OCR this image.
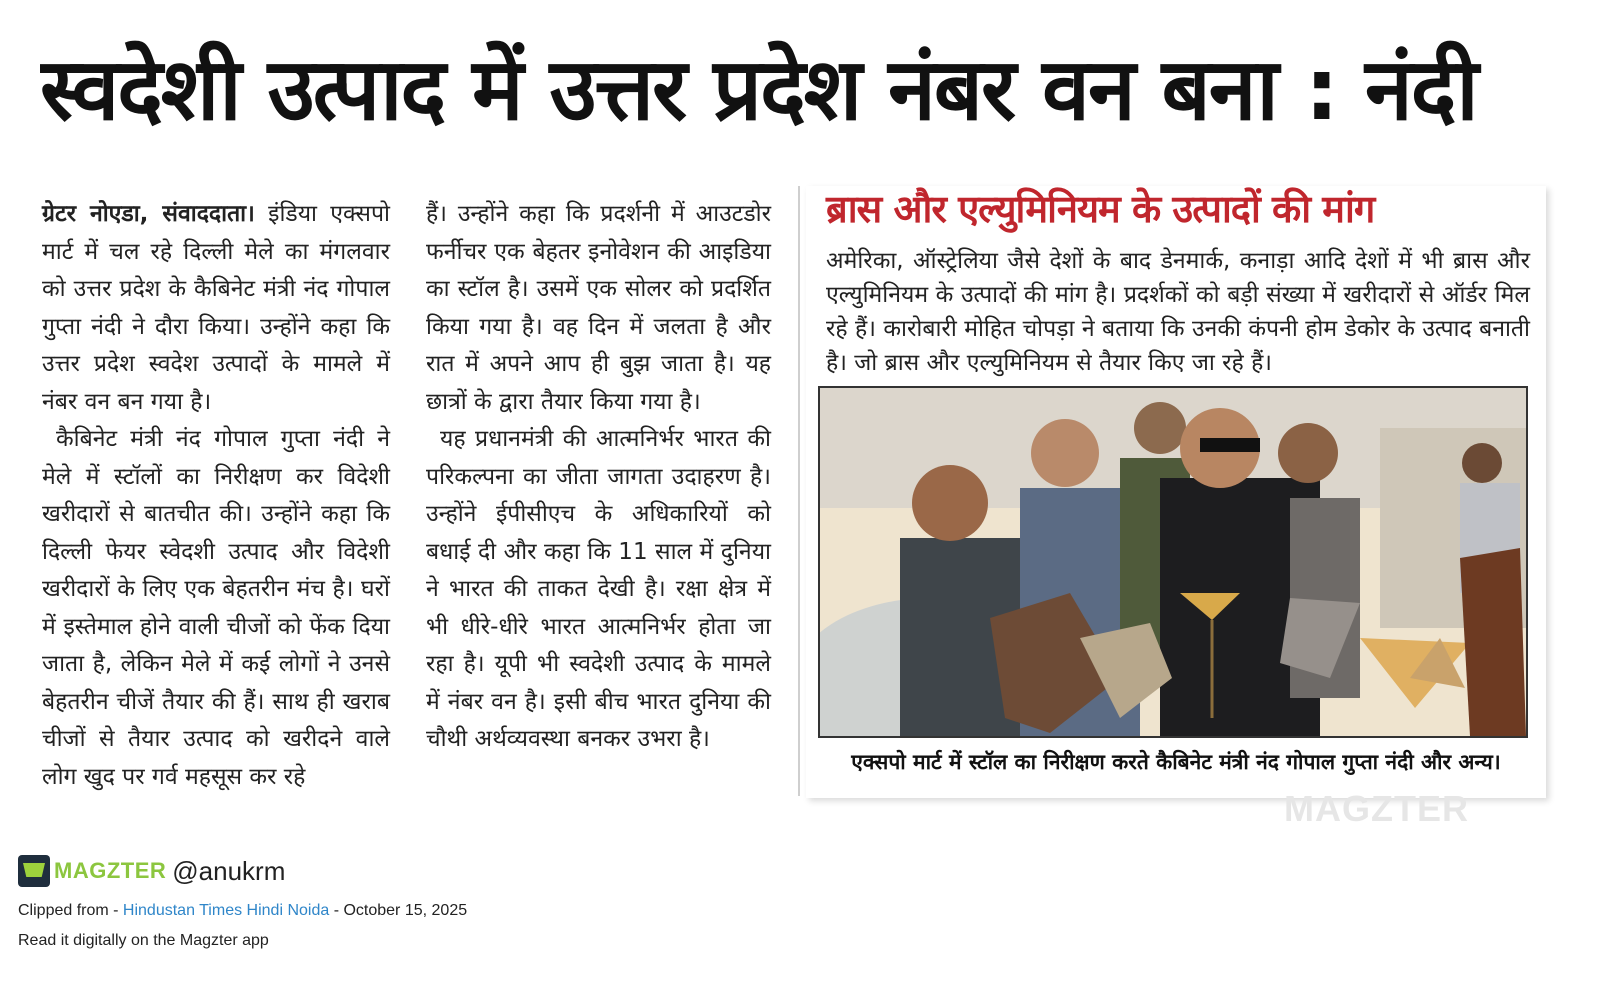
स्वदेशी उत्पाद में उत्तर प्रदेश नंबर वन बना : नंदी

ग्रेटर नोएडा, संवाददाता। इंडिया एक्सपो मार्ट में चल रहे दिल्ली मेले का मंगलवार को उत्तर प्रदेश के कैबिनेट मंत्री नंद गोपाल गुप्ता नंदी ने दौरा किया। उन्होंने कहा कि उत्तर प्रदेश स्वदेश उत्पादों के मामले में नंबर वन बन गया है।

कैबिनेट मंत्री नंद गोपाल गुप्ता नंदी ने मेले में स्टॉलों का निरीक्षण कर विदेशी खरीदारों से बातचीत की। उन्होंने कहा कि दिल्ली फेयर स्वेदशी उत्पाद और विदेशी खरीदारों के लिए एक बेहतरीन मंच है। घरों में इस्तेमाल होने वाली चीजों को फेंक दिया जाता है, लेकिन मेले में कई लोगों ने उनसे बेहतरीन चीजें तैयार की हैं। साथ ही खराब चीजों से तैयार उत्पाद को खरीदने वाले लोग खुद पर गर्व महसूस कर रहे

हैं। उन्होंने कहा कि प्रदर्शनी में आउटडोर फर्नीचर एक बेहतर इनोवेशन की आइडिया का स्टॉल है। उसमें एक सोलर को प्रदर्शित किया गया है। वह दिन में जलता है और रात में अपने आप ही बुझ जाता है। यह छात्रों के द्वारा तैयार किया गया है।

यह प्रधानमंत्री की आत्मनिर्भर भारत की परिकल्पना का जीता जागता उदाहरण है। उन्होंने ईपीसीएच के अधिकारियों को बधाई दी और कहा कि 11 साल में दुनिया ने भारत की ताकत देखी है। रक्षा क्षेत्र में भी धीरे-धीरे भारत आत्मनिर्भर होता जा रहा है। यूपी भी स्वदेशी उत्पाद के मामले में नंबर वन है। इसी बीच भारत दुनिया की चौथी अर्थव्यवस्था बनकर उभरा है।

ब्रास और एल्युमिनियम के उत्पादों की मांग
अमेरिका, ऑस्ट्रेलिया जैसे देशों के बाद डेनमार्क, कनाड़ा आदि देशों में भी ब्रास और एल्युमिनियम के उत्पादों की मांग है। प्रदर्शकों को बड़ी संख्या में खरीदारों से ऑर्डर मिल रहे हैं। कारोबारी मोहित चोपड़ा ने बताया कि उनकी कंपनी होम डेकोर के उत्पाद बनाती है। जो ब्रास और एल्युमिनियम से तैयार किए जा रहे हैं।
एक्सपो मार्ट में स्टॉल का निरीक्षण करते कैबिनेट मंत्री नंद गोपाल गुप्ता नंदी और अन्य।
MAGZTER
MAGZTER @anukrm
Clipped from - Hindustan Times Hindi Noida - October 15, 2025
Read it digitally on the Magzter app
